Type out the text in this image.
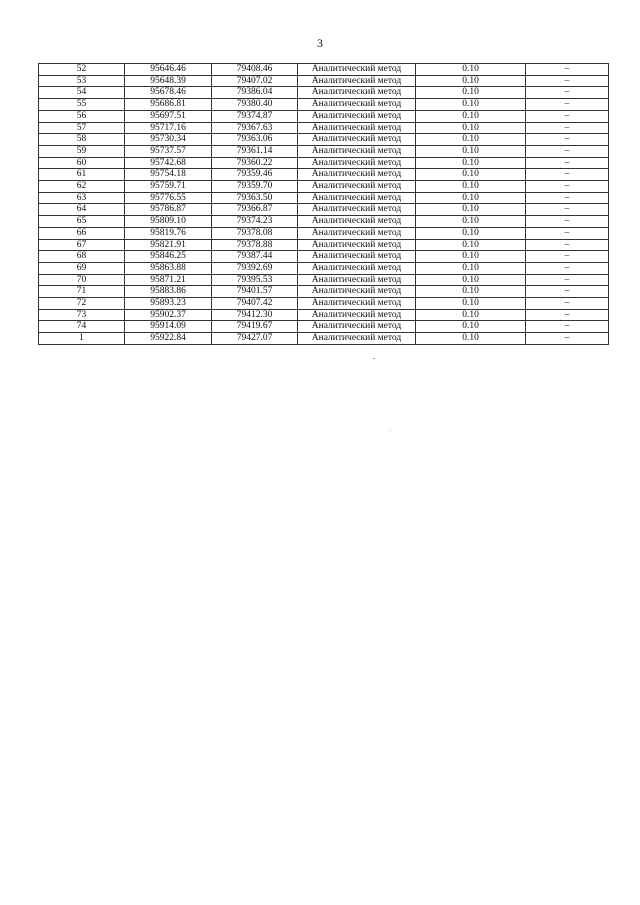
3
52	95646.46	79408.46	Аналитический метод	0.10	–
53	95648.39	79407.02	Аналитический метод	0.10	–
54	95678.46	79386.04	Аналитический метод	0.10	–
55	95686.81	79380.40	Аналитический метод	0.10	–
56	95697.51	79374.87	Аналитический метод	0.10	–
57	95717.16	79367.63	Аналитический метод	0.10	–
58	95730.34	79363.06	Аналитический метод	0.10	–
59	95737.57	79361.14	Аналитический метод	0.10	–
60	95742.68	79360.22	Аналитический метод	0.10	–
61	95754.18	79359.46	Аналитический метод	0.10	–
62	95759.71	79359.70	Аналитический метод	0.10	–
63	95776.55	79363.50	Аналитический метод	0.10	–
64	95786.87	79366.87	Аналитический метод	0.10	–
65	95809.10	79374.23	Аналитический метод	0.10	–
66	95819.76	79378.08	Аналитический метод	0.10	–
67	95821.91	79378.88	Аналитический метод	0.10	–
68	95846.25	79387.44	Аналитический метод	0.10	–
69	95863.88	79392.69	Аналитический метод	0.10	–
70	95871.21	79395.53	Аналитический метод	0.10	–
71	95883.86	79401.57	Аналитический метод	0.10	–
72	95893.23	79407.42	Аналитический метод	0.10	–
73	95902.37	79412.30	Аналитический метод	0.10	–
74	95914.09	79419.67	Аналитический метод	0.10	–
1	95922.84	79427.07	Аналитический метод	0.10	–
